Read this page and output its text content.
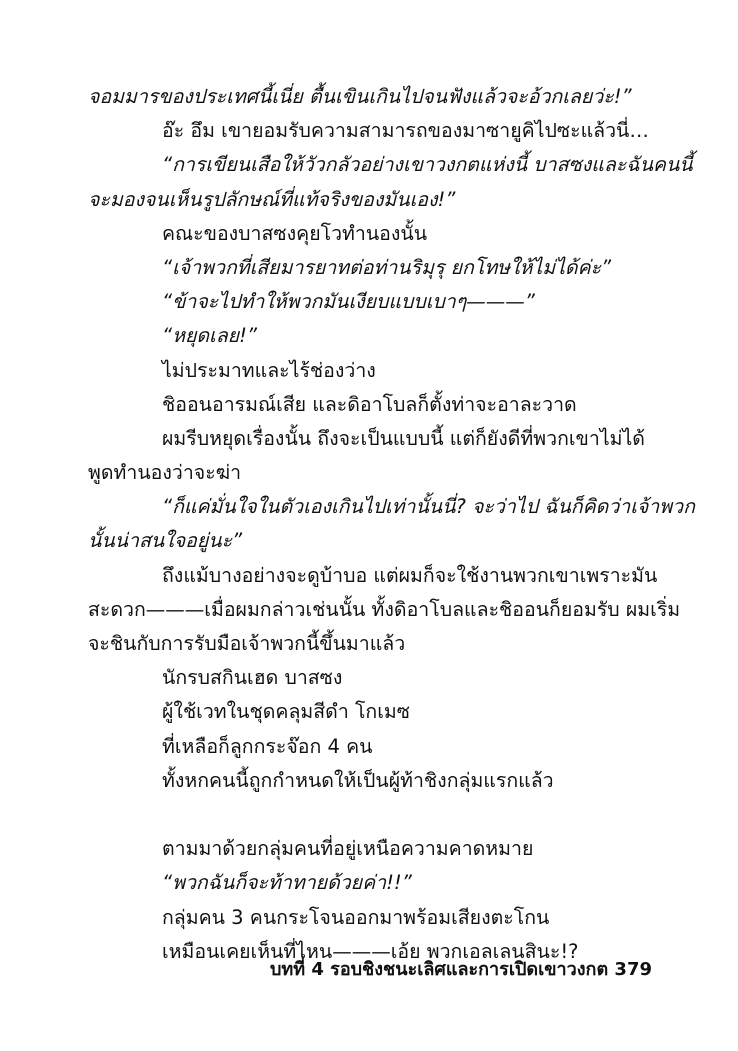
จอมมารของประเทศนี้เนี่ย ตื้นเขินเกินไปจนฟังแล้วจะอ้วกเลยว่ะ!”
อ๊ะ อึม เขายอมรับความสามารถของมาซายูคิไปซะแล้วนี่…
“การเขียนเสือให้วัวกลัวอย่างเขาวงกตแห่งนี้ บาสซงและฉันคนนี้
จะมองจนเห็นรูปลักษณ์ที่แท้จริงของมันเอง!”
คณะของบาสซงคุยโวทำนองนั้น
“เจ้าพวกที่เสียมารยาทต่อท่านริมุรุ ยกโทษให้ไม่ได้ค่ะ”
“ข้าจะไปทำให้พวกมันเงียบแบบเบาๆ———”
“หยุดเลย!”
ไม่ประมาทและไร้ช่องว่าง
ชิออนอารมณ์เสีย และดิอาโบลก็ตั้งท่าจะอาละวาด
ผมรีบหยุดเรื่องนั้น ถึงจะเป็นแบบนี้ แต่ก็ยังดีที่พวกเขาไม่ได้
พูดทำนองว่าจะฆ่า
“ก็แค่มั่นใจในตัวเองเกินไปเท่านั้นนี่? จะว่าไป ฉันก็คิดว่าเจ้าพวก
นั้นน่าสนใจอยู่นะ”
ถึงแม้บางอย่างจะดูบ้าบอ แต่ผมก็จะใช้งานพวกเขาเพราะมัน
สะดวก———เมื่อผมกล่าวเช่นนั้น ทั้งดิอาโบลและชิออนก็ยอมรับ ผมเริ่ม
จะชินกับการรับมือเจ้าพวกนี้ขึ้นมาแล้ว
นักรบสกินเฮด บาสซง
ผู้ใช้เวทในชุดคลุมสีดำ โกเมซ
ที่เหลือก็ลูกกระจ๊อก 4 คน
ทั้งหกคนนี้ถูกกำหนดให้เป็นผู้ท้าชิงกลุ่มแรกแล้ว
ตามมาด้วยกลุ่มคนที่อยู่เหนือความคาดหมาย
“พวกฉันก็จะท้าทายด้วยค่า!!”
กลุ่มคน 3 คนกระโจนออกมาพร้อมเสียงตะโกน
เหมือนเคยเห็นที่ไหน———เอ้ย พวกเอลเลนสินะ!?
บทที่ 4 รอบชิงชนะเลิศและการเปิดเขาวงกต 379
